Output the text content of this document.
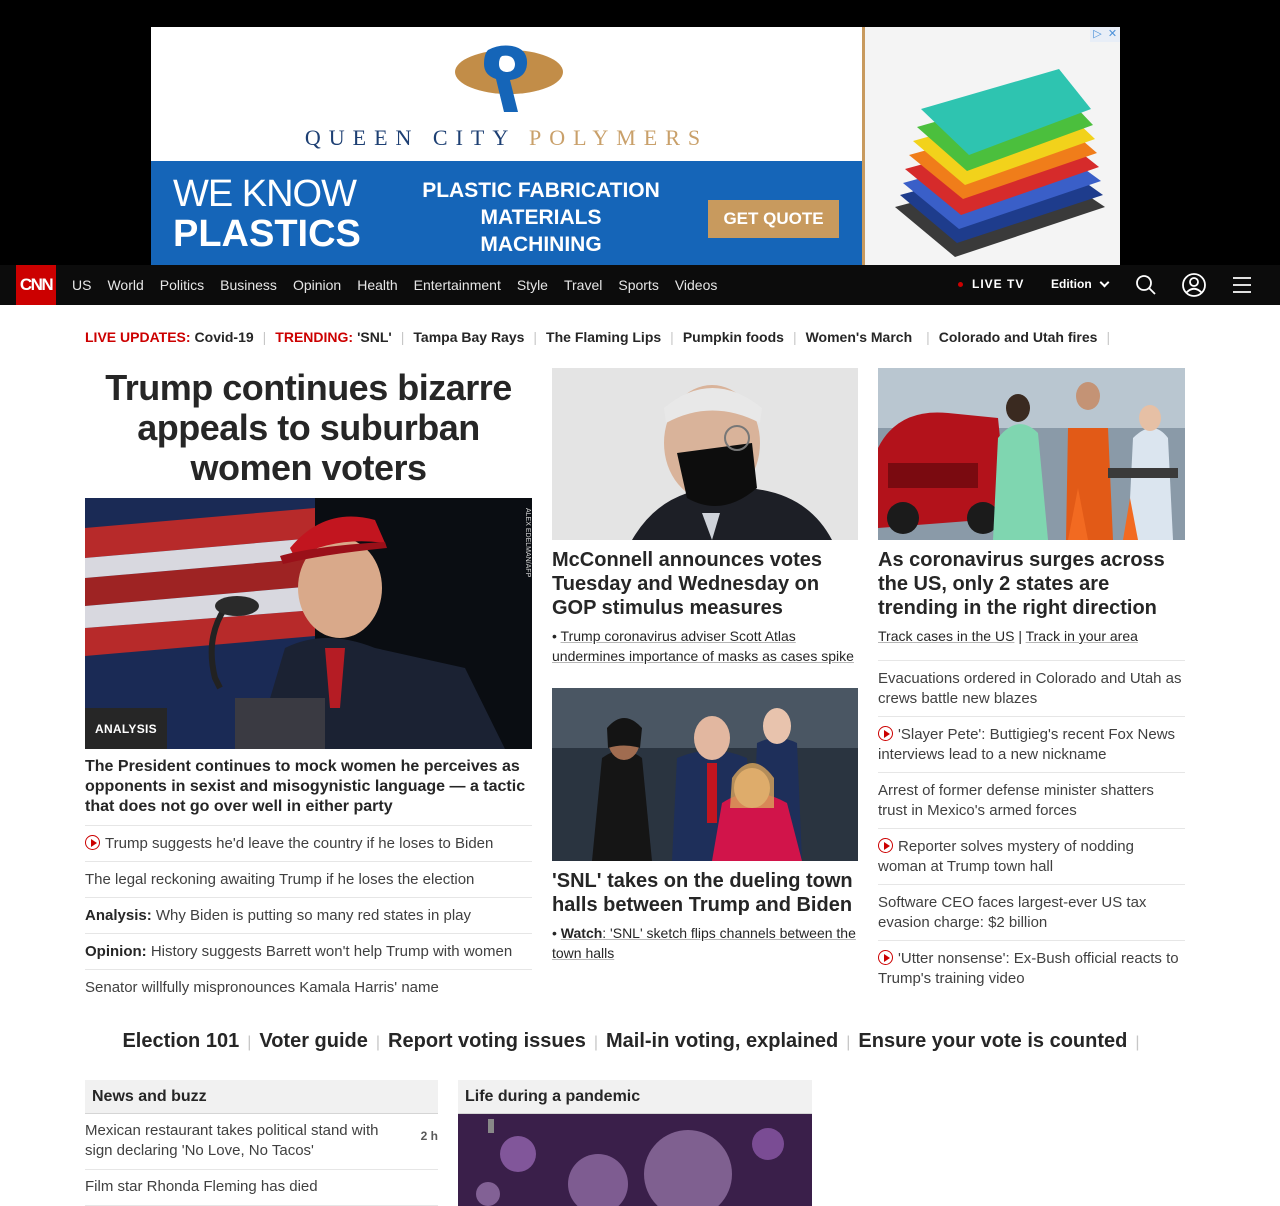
QUEEN CITY POLYMERS
WE KNOW
PLASTICS
PLASTIC FABRICATION
MATERIALS
MACHINING
GET QUOTE
▷ ✕
CNN	US	World	Politics	Business	Opinion	Health	Entertainment	Style	Travel	Sports	Videos	LIVE TV Edition
LIVE UPDATES: Covid-19 | TRENDING: 'SNL' | Tampa Bay Rays | The Flaming Lips | Pumpkin foods | Women's March | Colorado and Utah fires |
Trump continues bizarre appeals to suburban women voters
ALEX EDELMAN/AFP
ANALYSIS
The President continues to mock women he perceives as opponents in sexist and misogynistic language — a tactic that does not go over well in either party
Trump suggests he'd leave the country if he loses to Biden
The legal reckoning awaiting Trump if he loses the election
Analysis: Why Biden is putting so many red states in play
Opinion: History suggests Barrett won't help Trump with women
Senator willfully mispronounces Kamala Harris' name
McConnell announces votes Tuesday and Wednesday on GOP stimulus measures
• Trump coronavirus adviser Scott Atlas undermines importance of masks as cases spike
'SNL' takes on the dueling town halls between Trump and Biden
• Watch: 'SNL' sketch flips channels between the town halls
As coronavirus surges across the US, only 2 states are trending in the right direction
Track cases in the US | Track in your area
Evacuations ordered in Colorado and Utah as crews battle new blazes
'Slayer Pete': Buttigieg's recent Fox News interviews lead to a new nickname
Arrest of former defense minister shatters trust in Mexico's armed forces
Reporter solves mystery of nodding woman at Trump town hall
Software CEO faces largest-ever US tax evasion charge: $2 billion
'Utter nonsense': Ex-Bush official reacts to Trump's training video
Election 101 | Voter guide | Report voting issues | Mail-in voting, explained | Ensure your vote is counted |
News and buzz
Mexican restaurant takes political stand with sign declaring 'No Love, No Tacos'
2 h
Film star Rhonda Fleming has died
Life during a pandemic
